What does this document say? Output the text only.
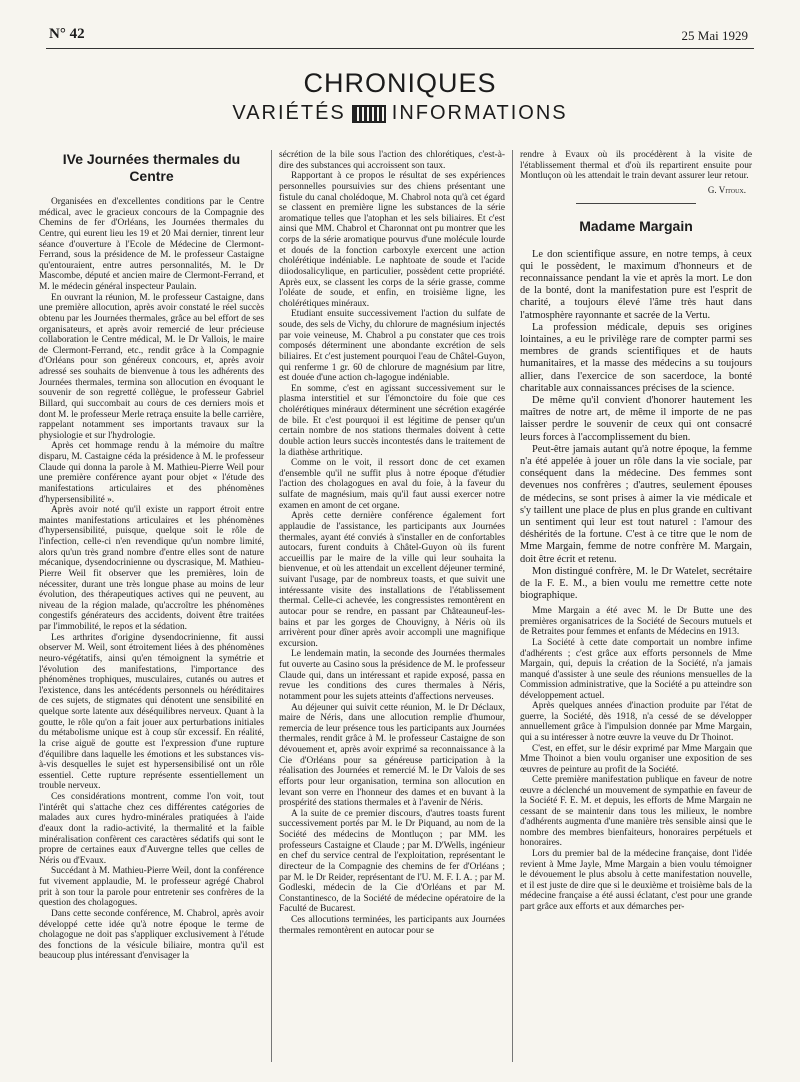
N° 42	25 Mai 1929
CHRONIQUES
VARIÉTÉS INFORMATIONS
IVe Journées thermales du Centre

Organisées en d'excellentes conditions par le Centre médical, avec le gracieux concours de la Compagnie des Chemins de fer d'Orléans, les Journées thermales du Centre, qui eurent lieu les 19 et 20 Mai dernier, tinrent leur séance d'ouverture à l'Ecole de Médecine de Clermont-Ferrand, sous la présidence de M. le professeur Castaigne qu'entouraient, entre autres personnalités, M. le Dr Mascombe, député et ancien maire de Clermont-Ferrand, et M. le médecin général inspecteur Paulain.

En ouvrant la réunion, M. le professeur Castaigne, dans une première allocution, après avoir constaté le réel succès obtenu par les Journées thermales, grâce au bel effort de ses organisateurs, et après avoir remercié de leur précieuse collaboration le Centre médical, M. le Dr Vallois, le maire de Clermont-Ferrand, etc., rendit grâce à la Compagnie d'Orléans pour son généreux concours, et, après avoir adressé ses souhaits de bienvenue à tous les adhérents des Journées thermales, termina son allocution en évoquant le souvenir de son regretté collègue, le professeur Gabriel Billard, qui succombait au cours de ces derniers mois et dont M. le professeur Merle retraça ensuite la belle carrière, rappelant notamment ses importants travaux sur la physiologie et sur l'hydrologie.

Après cet hommage rendu à la mémoire du maître disparu, M. Castaigne céda la présidence à M. le professeur Claude qui donna la parole à M. Mathieu-Pierre Weil pour une première conférence ayant pour objet « l'étude des manifestations articulaires et des phénomènes d'hypersensibilité ».

Après avoir noté qu'il existe un rapport étroit entre maintes manifestations articulaires et les phénomènes d'hypersensibilité, puisque, quelque soit le rôle de l'infection, celle-ci n'en revendique qu'un nombre limité, alors qu'un très grand nombre d'entre elles sont de nature mécanique, dysendocrinienne ou dyscrasique, M. Mathieu-Pierre Weil fit observer que les premières, loin de nécessiter, durant une très longue phase au moins de leur évolution, des thérapeutiques actives qui ne peuvent, au niveau de la région malade, qu'accroître les phénomènes congestifs générateurs des accidents, doivent être traitées par l'immobilité, le repos et la sédation.

Les arthrites d'origine dysendocrinienne, fit aussi observer M. Weil, sont étroitement liées à des phénomènes neuro-végétatifs, ainsi qu'en témoignent la symétrie et l'évolution des manifestations, l'importance des phénomènes trophiques, musculaires, cutanés ou autres et l'existence, dans les antécédents personnels ou héréditaires de ces sujets, de stigmates qui dénotent une sensibilité en quelque sorte latente aux déséquilibres nerveux. Quant à la goutte, le rôle qu'on a fait jouer aux perturbations initiales du métabolisme unique est à coup sûr excessif. En réalité, la crise aiguë de goutte est l'expression d'une rupture d'équilibre dans laquelle les émotions et les substances vis-à-vis desquelles le sujet est hypersensibilisé ont un rôle essentiel. Cette rupture représente essentiellement un trouble nerveux.

Ces considérations montrent, comme l'on voit, tout l'intérêt qui s'attache chez ces différentes catégories de malades aux cures hydro-minérales pratiquées à l'aide d'eaux dont la radio-activité, la thermalité et la faible minéralisation confèrent ces caractères sédatifs qui sont le propre de certaines eaux d'Auvergne telles que celles de Néris ou d'Evaux.

Succédant à M. Mathieu-Pierre Weil, dont la conférence fut vivement applaudie, M. le professeur agrégé Chabrol prit à son tour la parole pour entretenir ses confrères de la question des cholagogues.

Dans cette seconde conférence, M. Chabrol, après avoir développé cette idée qu'à notre époque le terme de cholagogue ne doit pas s'appliquer exclusivement à l'étude des fonctions de la vésicule biliaire, montra qu'il est beaucoup plus intéressant d'envisager la

sécrétion de la bile sous l'action des chlorétiques, c'est-à-dire des substances qui accroissent son taux.

Rapportant à ce propos le résultat de ses expériences personnelles poursuivies sur des chiens présentant une fistule du canal cholédoque, M. Chabrol nota qu'à cet égard se classent en première ligne les substances de la série aromatique telles que l'atophan et les sels biliaires. Et c'est ainsi que MM. Chabrol et Charonnat ont pu montrer que les corps de la série aromatique pourvus d'une molécule lourde et doués de la fonction carboxyle exercent une action cholérétique indéniable. Le naphtoate de soude et l'acide diiodosalicylique, en particulier, possèdent cette propriété. Après eux, se classent les corps de la série grasse, comme l'oléate de soude, et enfin, en troisième ligne, les cholérétiques minéraux.

Etudiant ensuite successivement l'action du sulfate de soude, des sels de Vichy, du chlorure de magnésium injectés par voie veineuse, M. Chabrol a pu constater que ces trois composés déterminent une abondante excrétion de sels biliaires. Et c'est justement pourquoi l'eau de Châtel-Guyon, qui renferme 1 gr. 60 de chlorure de magnésium par litre, est douée d'une action ch-lagogue indéniable.

En somme, c'est en agissant successivement sur le plasma interstitiel et sur l'émonctoire du foie que ces cholérétiques minéraux déterminent une sécrétion exagérée de bile. Et c'est pourquoi il est légitime de penser qu'un certain nombre de nos stations thermales doivent à cette double action leurs succès incontestés dans le traitement de la diathèse arthritique.

Comme on le voit, il ressort donc de cet examen d'ensemble qu'il ne suffit plus à notre époque d'étudier l'action des cholagogues en aval du foie, à la faveur du sulfate de magnésium, mais qu'il faut aussi exercer notre examen en amont de cet organe.

Après cette dernière conférence également fort applaudie de l'assistance, les participants aux Journées thermales, ayant été conviés à s'installer en de confortables autocars, furent conduits à Châtel-Guyon où ils furent accueillis par le maire de la ville qui leur souhaita la bienvenue, et où les attendait un excellent déjeuner terminé, suivant l'usage, par de nombreux toasts, et que suivit une intéressante visite des installations de l'établissement thermal. Celle-ci achevée, les congressistes remontèrent en autocar pour se rendre, en passant par Châteauneuf-les-bains et par les gorges de Chouvigny, à Néris où ils arrivèrent pour dîner après avoir accompli une magnifique excursion.

Le lendemain matin, la seconde des Journées thermales fut ouverte au Casino sous la présidence de M. le professeur Claude qui, dans un intéressant et rapide exposé, passa en revue les conditions des cures thermales à Néris, notamment pour les sujets atteints d'affections nerveuses.

Au déjeuner qui suivit cette réunion, M. le Dr Déclaux, maire de Néris, dans une allocution remplie d'humour, remercia de leur présence tous les participants aux Journées thermales, rendit grâce à M. le professeur Castaigne de son dévouement et, après avoir exprimé sa reconnaissance à la Cie d'Orléans pour sa généreuse participation à la réalisation des Journées et remercié M. le Dr Valois de ses efforts pour leur organisation, termina son allocution en levant son verre en l'honneur des dames et en buvant à la prospérité des stations thermales et à l'avenir de Néris.

A la suite de ce premier discours, d'autres toasts furent successivement portés par M. le Dr Piquand, au nom de la Société des médecins de Montluçon ; par MM. les professeurs Castaigne et Claude ; par M. D'Wells, ingénieur en chef du service central de l'exploitation, représentant le directeur de la Compagnie des chemins de fer d'Orléans ; par M. le Dr Reider, représentant de l'U. M. F. I. A. ; par M. Godleski, médecin de la Cie d'Orléans et par M. Constantinesco, de la Société de médecine opératoire de la Faculté de Bucarest.

Ces allocutions terminées, les participants aux Journées thermales remontèrent en autocar pour se

rendre à Evaux où ils procédèrent à la visite de l'établissement thermal et d'où ils repartirent ensuite pour Montluçon où les attendait le train devant assurer leur retour.

G. Vitoux.
Madame Margain

Le don scientifique assure, en notre temps, à ceux qui le possèdent, le maximum d'honneurs et de reconnaissance pendant la vie et après la mort. Le don de la bonté, dont la manifestation pure est l'esprit de charité, a toujours élevé l'âme très haut dans l'atmosphère rayonnante et sacrée de la Vertu.

La profession médicale, depuis ses origines lointaines, a eu le privilège rare de compter parmi ses membres de grands scientifiques et de hauts humanitaires, et la masse des médecins a su toujours allier, dans l'exercice de son sacerdoce, la bonté charitable aux connaissances précises de la science.

De même qu'il convient d'honorer hautement les maîtres de notre art, de même il importe de ne pas laisser perdre le souvenir de ceux qui ont consacré leurs forces à l'accomplissement du bien.

Peut-être jamais autant qu'à notre époque, la femme n'a été appelée à jouer un rôle dans la vie sociale, par conséquent dans la médecine. Des femmes sont devenues nos confrères ; d'autres, seulement épouses de médecins, se sont prises à aimer la vie médicale et s'y taillent une place de plus en plus grande en cultivant un sentiment qui leur est tout naturel : l'amour des déshérités de la fortune. C'est à ce titre que le nom de Mme Margain, femme de notre confrère M. Margain, doit être écrit et retenu.

Mon distingué confrère, M. le Dr Watelet, secrétaire de la F. E. M., a bien voulu me remettre cette note biographique.

Mme Margain a été avec M. le Dr Butte une des premières organisatrices de la Société de Secours mutuels et de Retraites pour femmes et enfants de Médecins en 1913.

La Société à cette date comportait un nombre infime d'adhérents ; c'est grâce aux efforts personnels de Mme Margain, qui, depuis la création de la Société, n'a jamais manqué d'assister à une seule des réunions mensuelles de la Commission administrative, que la Société a pu atteindre son développement actuel.

Après quelques années d'inaction produite par l'état de guerre, la Société, dès 1918, n'a cessé de se développer annuellement grâce à l'impulsion donnée par Mme Margain, qui a su intéresser à notre œuvre la veuve du Dr Thoinot.

C'est, en effet, sur le désir exprimé par Mme Margain que Mme Thoinot a bien voulu organiser une exposition de ses œuvres de peinture au profit de la Société.

Cette première manifestation publique en faveur de notre œuvre a déclenché un mouvement de sympathie en faveur de la Société F. E. M. et depuis, les efforts de Mme Margain ne cessant de se maintenir dans tous les milieux, le nombre d'adhérents augmenta d'une manière très sensible ainsi que le nombre des membres bienfaiteurs, honoraires perpétuels et honoraires.

Lors du premier bal de la médecine française, dont l'idée revient à Mme Jayle, Mme Margain a bien voulu témoigner le dévouement le plus absolu à cette manifestation nouvelle, et il est juste de dire que si le deuxième et troisième bals de la médecine française a été aussi éclatant, c'est pour une grande part grâce aux efforts et aux démarches per-
